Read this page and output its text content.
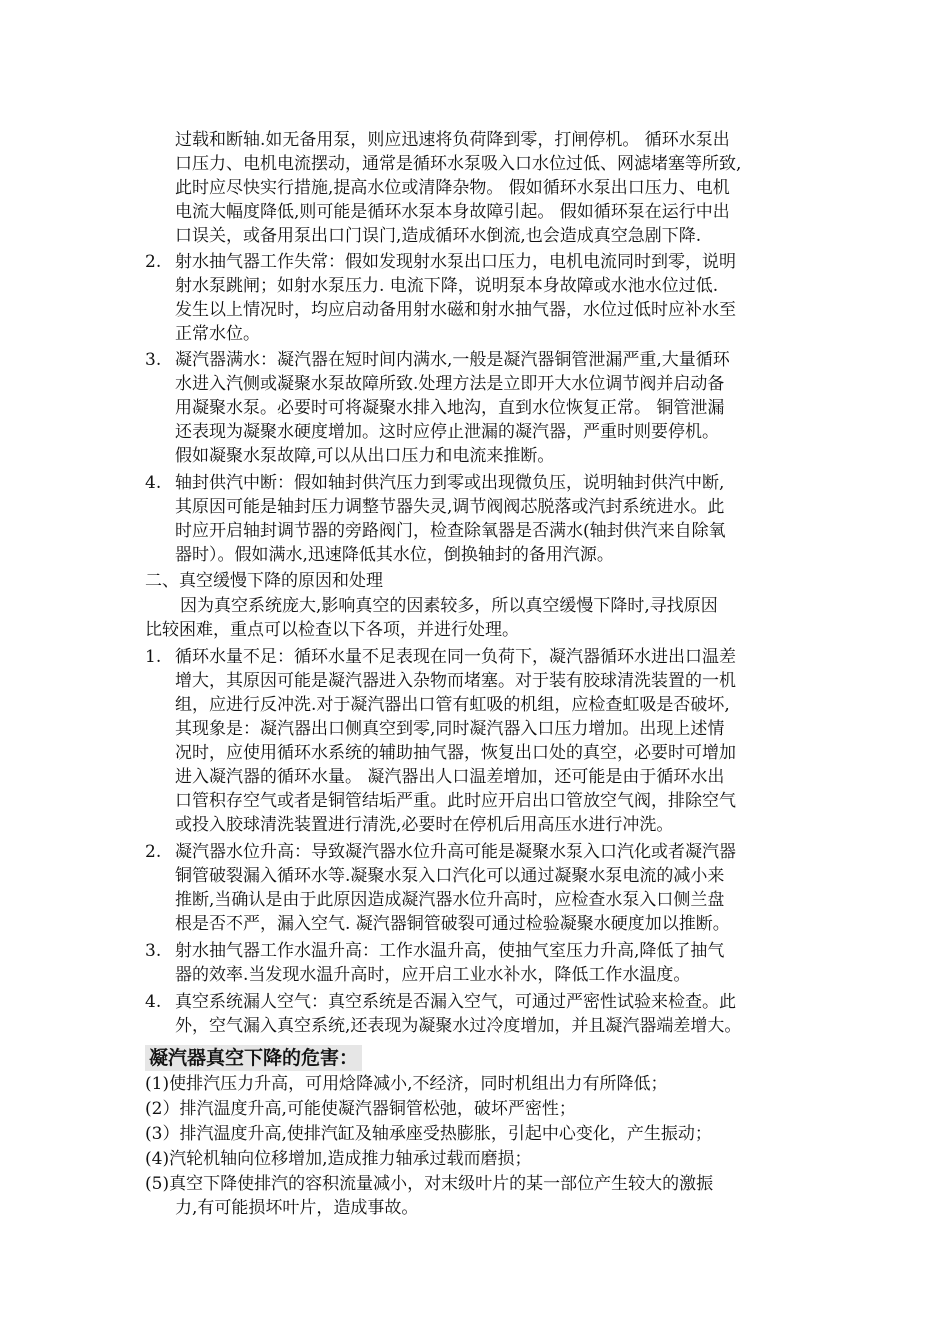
过载和断轴.如无备用泵，则应迅速将负荷降到零，打闸停机。 循环水泵出
口压力、电机电流摆动，通常是循环水泵吸入口水位过低、网滤堵塞等所致,
此时应尽快实行措施,提高水位或清降杂物。 假如循环水泵出口压力、电机
电流大幅度降低,则可能是循环水泵本身故障引起。 假如循环泵在运行中出
口误关，或备用泵出口门误门,造成循环水倒流,也会造成真空急剧下降.
2. 射水抽气器工作失常：假如发现射水泵出口压力，电机电流同时到零，说明
射水泵跳闸；如射水泵压力. 电流下降，说明泵本身故障或水池水位过低.
发生以上情况时，均应启动备用射水磁和射水抽气器，水位过低时应补水至
正常水位。
3. 凝汽器满水：凝汽器在短时间内满水,一般是凝汽器铜管泄漏严重,大量循环
水进入汽侧或凝聚水泵故障所致.处理方法是立即开大水位调节阀并启动备
用凝聚水泵。必要时可将凝聚水排入地沟，直到水位恢复正常。 铜管泄漏
还表现为凝聚水硬度增加。这时应停止泄漏的凝汽器，严重时则要停机。
假如凝聚水泵故障,可以从出口压力和电流来推断。
4. 轴封供汽中断：假如轴封供汽压力到零或出现微负压，说明轴封供汽中断,
其原因可能是轴封压力调整节器失灵,调节阀阀芯脱落或汽封系统进水。此
时应开启轴封调节器的旁路阀门，检查除氧器是否满水(轴封供汽来自除氧
器时）。假如满水,迅速降低其水位，倒换轴封的备用汽源。
二、真空缓慢下降的原因和处理
因为真空系统庞大,影响真空的因素较多，所以真空缓慢下降时,寻找原因
比较困难，重点可以检查以下各项，并进行处理。
1. 循环水量不足：循环水量不足表现在同一负荷下，凝汽器循环水进出口温差
增大，其原因可能是凝汽器进入杂物而堵塞。对于装有胶球清洗装置的一机
组，应进行反冲洗.对于凝汽器出口管有虹吸的机组，应检查虹吸是否破坏,
其现象是：凝汽器出口侧真空到零,同时凝汽器入口压力增加。出现上述情
况时，应使用循环水系统的辅助抽气器，恢复出口处的真空，必要时可增加
进入凝汽器的循环水量。 凝汽器出人口温差增加，还可能是由于循环水出
口管积存空气或者是铜管结垢严重。此时应开启出口管放空气阀，排除空气
或投入胶球清洗装置进行清洗,必要时在停机后用高压水进行冲洗。
2. 凝汽器水位升高：导致凝汽器水位升高可能是凝聚水泵入口汽化或者凝汽器
铜管破裂漏入循环水等.凝聚水泵入口汽化可以通过凝聚水泵电流的减小来
推断,当确认是由于此原因造成凝汽器水位升高时，应检查水泵入口侧兰盘
根是否不严，漏入空气. 凝汽器铜管破裂可通过检验凝聚水硬度加以推断。
3. 射水抽气器工作水温升高：工作水温升高，使抽气室压力升高,降低了抽气
器的效率.当发现水温升高时，应开启工业水补水，降低工作水温度。
4. 真空系统漏人空气：真空系统是否漏入空气，可通过严密性试验来检查。此
外，空气漏入真空系统,还表现为凝聚水过冷度增加，并且凝汽器端差增大。
凝汽器真空下降的危害：
(1)使排汽压力升高，可用焓降减小,不经济，同时机组出力有所降低；
(2）排汽温度升高,可能使凝汽器铜管松弛，破坏严密性；
(3）排汽温度升高,使排汽缸及轴承座受热膨胀，引起中心变化，产生振动；
(4)汽轮机轴向位移增加,造成推力轴承过载而磨损；
(5)真空下降使排汽的容积流量减小，对末级叶片的某一部位产生较大的激振
力,有可能损坏叶片，造成事故。
